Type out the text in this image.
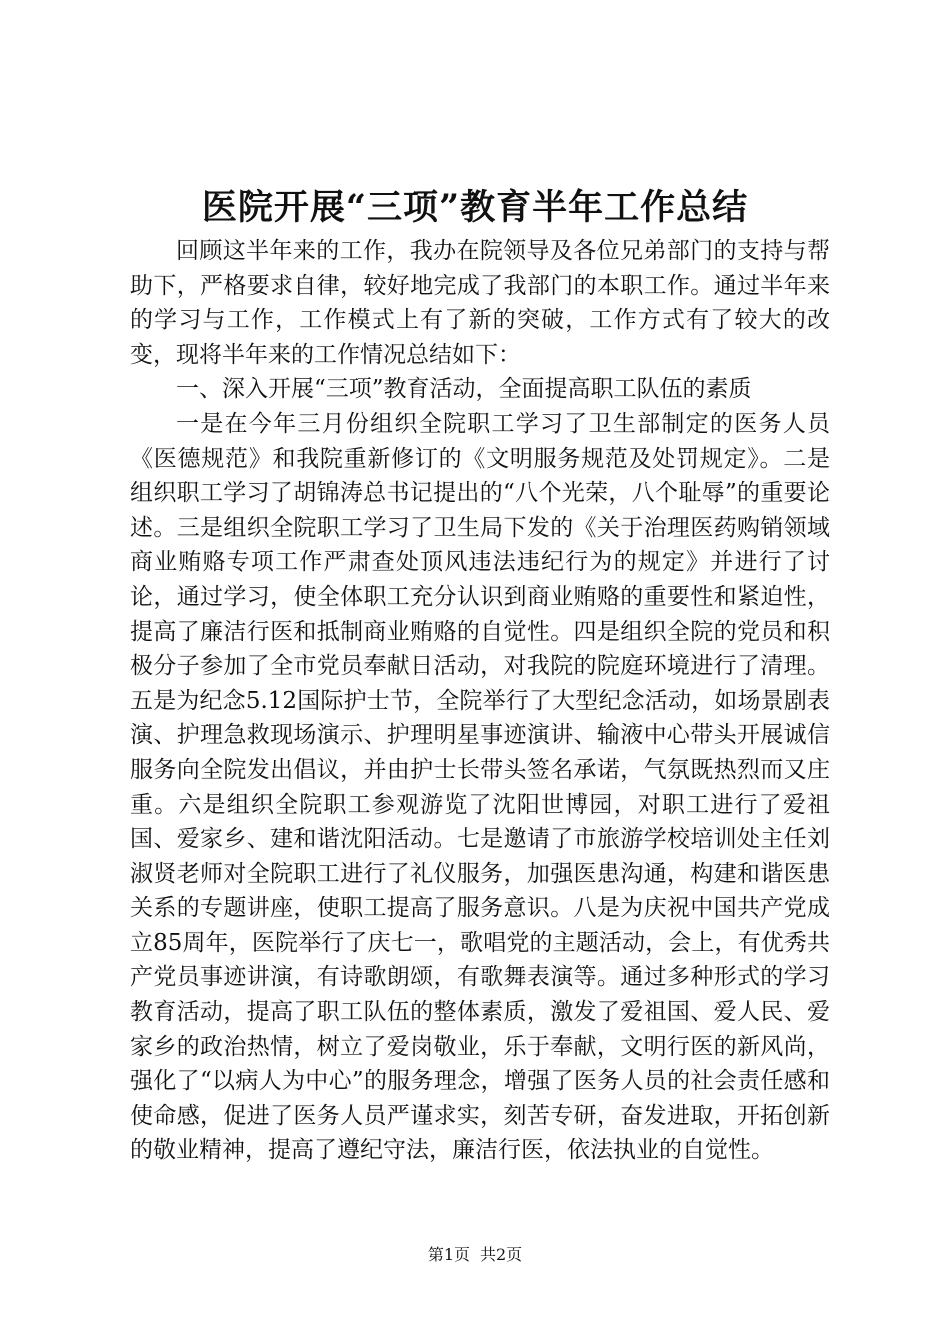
医院开展“三项”教育半年工作总结

回顾这半年来的工作，我办在院领导及各位兄弟部门的支持与帮助下，严格要求自律，较好地完成了我部门的本职工作。通过半年来的学习与工作，工作模式上有了新的突破，工作方式有了较大的改变，现将半年来的工作情况总结如下：

一、深入开展“三项”教育活动，全面提高职工队伍的素质

一是在今年三月份组织全院职工学习了卫生部制定的医务人员《医德规范》和我院重新修订的《文明服务规范及处罚规定》。二是组织职工学习了胡锦涛总书记提出的“八个光荣，八个耻辱”的重要论述。三是组织全院职工学习了卫生局下发的《关于治理医药购销领域商业贿赂专项工作严肃查处顶风违法违纪行为的规定》并进行了讨论，通过学习，使全体职工充分认识到商业贿赂的重要性和紧迫性，提高了廉洁行医和抵制商业贿赂的自觉性。四是组织全院的党员和积极分子参加了全市党员奉献日活动，对我院的院庭环境进行了清理。五是为纪念5.12国际护士节，全院举行了大型纪念活动，如场景剧表演、护理急救现场演示、护理明星事迹演讲、输液中心带头开展诚信服务向全院发出倡议，并由护士长带头签名承诺，气氛既热烈而又庄重。六是组织全院职工参观游览了沈阳世博园，对职工进行了爱祖国、爱家乡、建和谐沈阳活动。七是邀请了市旅游学校培训处主任刘淑贤老师对全院职工进行了礼仪服务，加强医患沟通，构建和谐医患关系的专题讲座，使职工提高了服务意识。八是为庆祝中国共产党成立85周年，医院举行了庆七一，歌唱党的主题活动，会上，有优秀共产党员事迹讲演，有诗歌朗颂，有歌舞表演等。通过多种形式的学习教育活动，提高了职工队伍的整体素质，激发了爱祖国、爱人民、爱家乡的政治热情，树立了爱岗敬业，乐于奉献，文明行医的新风尚，强化了“以病人为中心”的服务理念，增强了医务人员的社会责任感和使命感，促进了医务人员严谨求实，刻苦专研，奋发进取，开拓创新的敬业精神，提高了遵纪守法，廉洁行医，依法执业的自觉性。

第1页 共2页
